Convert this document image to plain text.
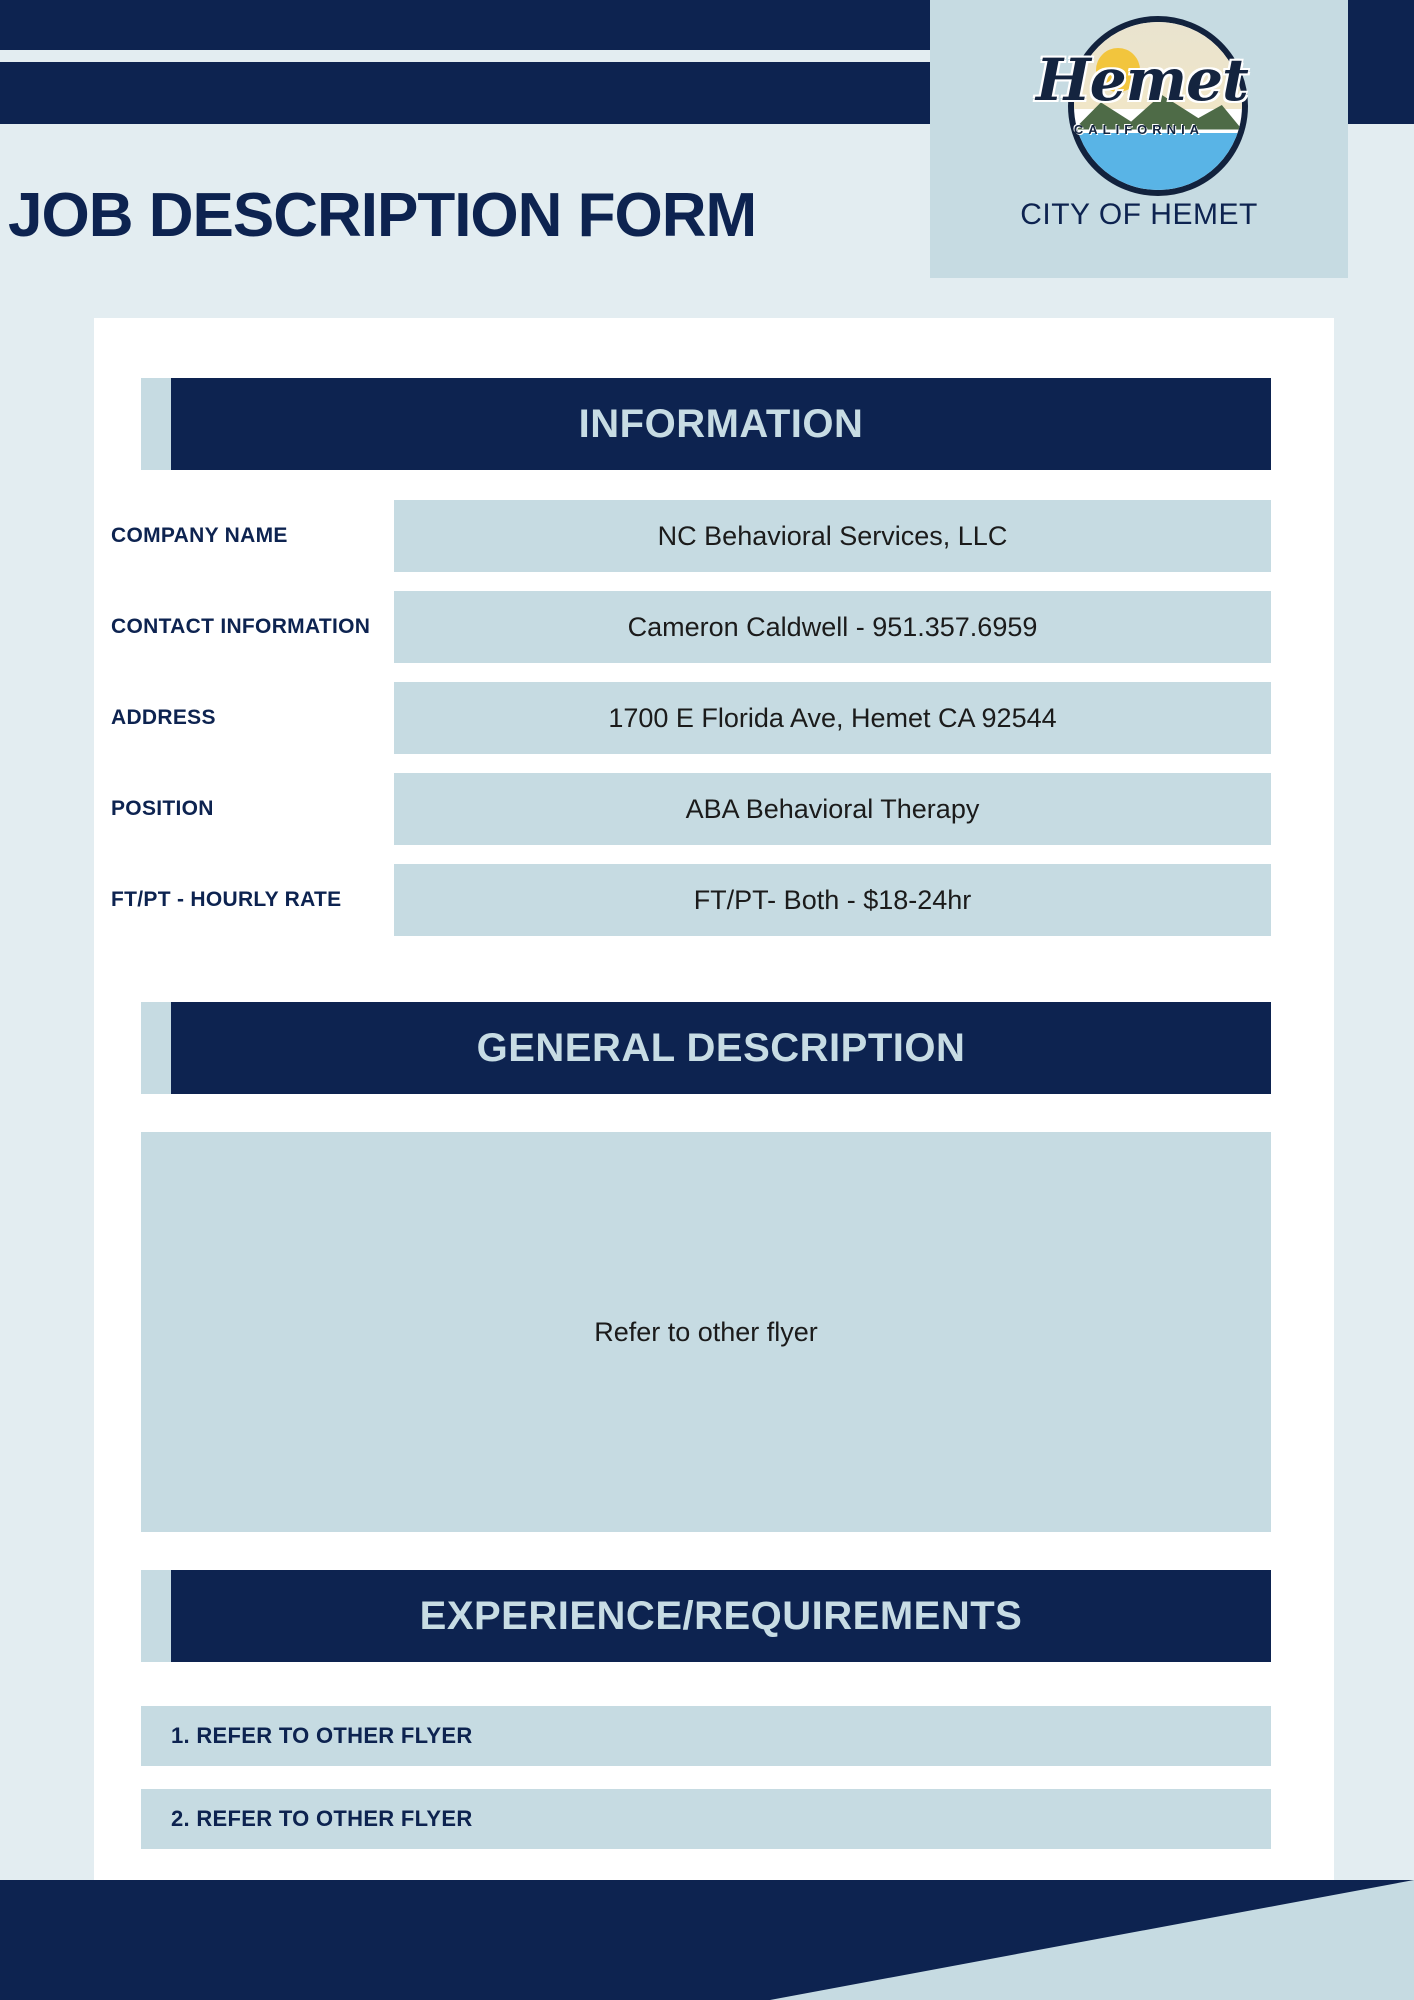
Hemet
CALIFORNIA
CITY OF HEMET
JOB DESCRIPTION FORM
INFORMATION
COMPANY NAME	NC Behavioral Services, LLC
CONTACT INFORMATION	Cameron Caldwell - 951.357.6959
ADDRESS	1700 E Florida Ave, Hemet CA 92544
POSITION	ABA Behavioral Therapy
FT/PT - HOURLY RATE	FT/PT- Both - $18-24hr
GENERAL DESCRIPTION
Refer to other flyer
EXPERIENCE/REQUIREMENTS
1. REFER TO OTHER FLYER
2. REFER TO OTHER FLYER
